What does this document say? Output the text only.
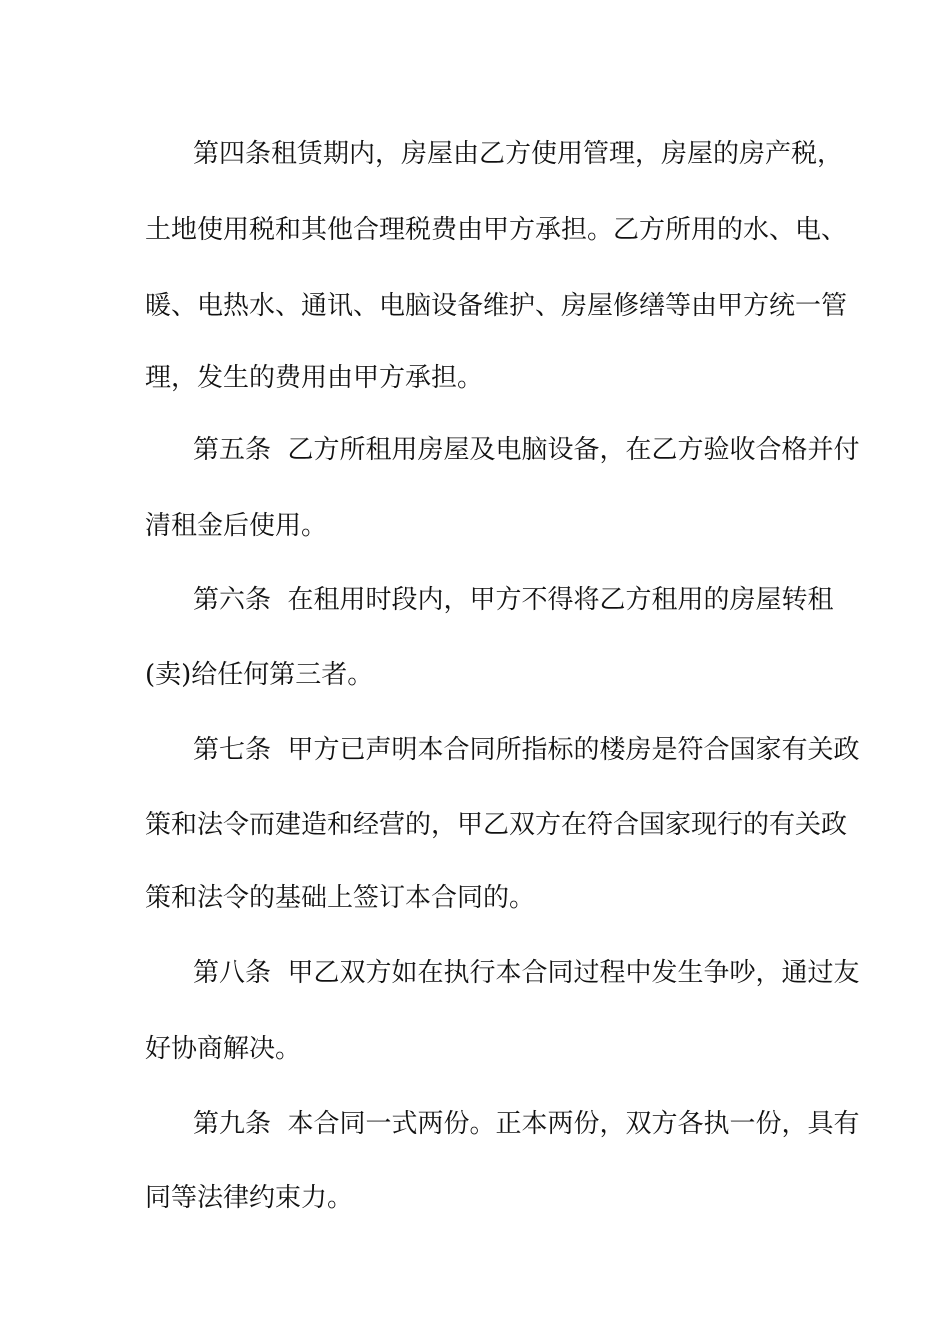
第四条租赁期内，房屋由乙方使用管理，房屋的房产税，
土地使用税和其他合理税费由甲方承担。乙方所用的水、电、
暖、电热水、通讯、电脑设备维护、房屋修缮等由甲方统一管
理，发生的费用由甲方承担。
第五条  乙方所租用房屋及电脑设备，在乙方验收合格并付
清租金后使用。
第六条  在租用时段内，甲方不得将乙方租用的房屋转租
(卖)给任何第三者。
第七条  甲方已声明本合同所指标的楼房是符合国家有关政
策和法令而建造和经营的，甲乙双方在符合国家现行的有关政
策和法令的基础上签订本合同的。
第八条  甲乙双方如在执行本合同过程中发生争吵，通过友
好协商解决。
第九条  本合同一式两份。正本两份，双方各执一份，具有
同等法律约束力。
